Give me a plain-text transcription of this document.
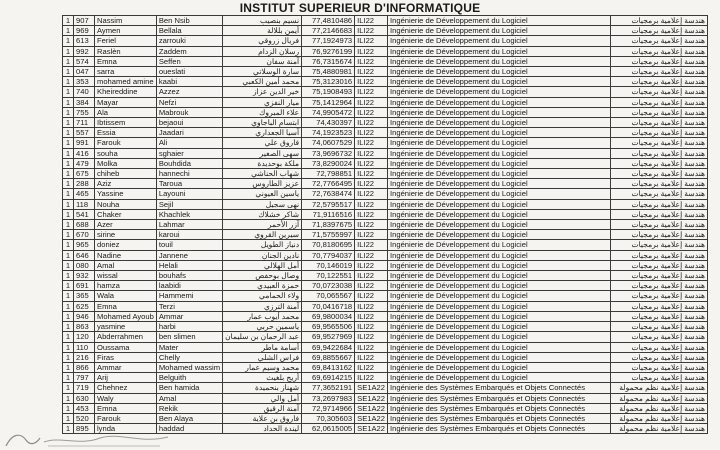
INSTITUT SUPERIEUR D'INFORMATIQUE
1	907	Nassim	Ben Nsib	نسيم بنصيب	77,4810486	ILI22	Ingénierie de Développement du Logiciel	هندسة إعلامية برمجيات
1	969	Aymen	Bellala	أيمن بللالة	77,2146683	ILI22	Ingénierie de Développement du Logiciel	هندسة إعلامية برمجيات
1	613	Feriel	zarrouki	فريال زروقي	77,1924973	ILI22	Ingénierie de Développement du Logiciel	هندسة إعلامية برمجيات
1	992	Raslèn	Zaddem	رسلان الزدام	76,9276199	ILI22	Ingénierie de Développement du Logiciel	هندسة إعلامية برمجيات
1	574	Emna	Seffen	آمنة سفان	76,7315674	ILI22	Ingénierie de Développement du Logiciel	هندسة إعلامية برمجيات
1	047	sarra	oueslati	سارة الوسلاتي	75,4880981	ILI22	Ingénierie de Développement du Logiciel	هندسة إعلامية برمجيات
1	353	mohamed amine	kaabi	محمد أمين الكعبي	75,3123016	ILI22	Ingénierie de Développement du Logiciel	هندسة إعلامية برمجيات
1	740	Kheireddine	Azzez	خير الدين عزاز	75,1908493	ILI22	Ingénierie de Développement du Logiciel	هندسة إعلامية برمجيات
1	384	Mayar	Nefzi	ميار النفزي	75,1412964	ILI22	Ingénierie de Développement du Logiciel	هندسة إعلامية برمجيات
1	755	Ala	Mabrouk	علاء المبروك	74,9905472	ILI22	Ingénierie de Développement du Logiciel	هندسة إعلامية برمجيات
1	711	Ibtissem	bejaoui	ابتسام الباجاوي	74,430397	ILI22	Ingénierie de Développement du Logiciel	هندسة إعلامية برمجيات
1	557	Essia	Jaadari	آسيا الجعداري	74,1923523	ILI22	Ingénierie de Développement du Logiciel	هندسة إعلامية برمجيات
1	991	Farouk	Ali	فاروق علي	74,0607529	ILI22	Ingénierie de Développement du Logiciel	هندسة إعلامية برمجيات
1	416	souha	sghaier	سهى الصغير	73,9696732	ILI22	Ingénierie de Développement du Logiciel	هندسة إعلامية برمجيات
1	479	Molka	Bouhdida	ملكة بوحديدة	73,8290024	ILI22	Ingénierie de Développement du Logiciel	هندسة إعلامية برمجيات
1	675	chiheb	hannechi	شهاب الحناشي	72,798851	ILI22	Ingénierie de Développement du Logiciel	هندسة إعلامية برمجيات
1	288	Aziz	Taroua	عزيز الطاروس	72,7766495	ILI22	Ingénierie de Développement du Logiciel	هندسة إعلامية برمجيات
1	465	Yassine	Layouni	ياسين العيوني	72,7638474	ILI22	Ingénierie de Développement du Logiciel	هندسة إعلامية برمجيات
1	118	Nouha	Sejil	نهى سجيل	72,5795517	ILI22	Ingénierie de Développement du Logiciel	هندسة إعلامية برمجيات
1	541	Chaker	Khachlek	شاكر خشلاك	71,9116516	ILI22	Ingénierie de Développement du Logiciel	هندسة إعلامية برمجيات
1	688	Azer	Lahmar	آزر الأحمر	71,8397675	ILI22	Ingénierie de Développement du Logiciel	هندسة إعلامية برمجيات
1	670	sirine	karoui	سيرين القروي	71,5755997	ILI22	Ingénierie de Développement du Logiciel	هندسة إعلامية برمجيات
1	965	doniez	touil	دنياز الطويل	70,8180695	ILI22	Ingénierie de Développement du Logiciel	هندسة إعلامية برمجيات
1	646	Nadine	Jannene	نادين الجنان	70,7794037	ILI22	Ingénierie de Développement du Logiciel	هندسة إعلامية برمجيات
1	080	Amal	Helali	أمل الهلالي	70,146019	ILI22	Ingénierie de Développement du Logiciel	هندسة إعلامية برمجيات
1	932	wissal	bouhafs	وصال بوحفص	70,122551	ILI22	Ingénierie de Développement du Logiciel	هندسة إعلامية برمجيات
1	691	hamza	laabidi	حمزة العبيدي	70,0723038	ILI22	Ingénierie de Développement du Logiciel	هندسة إعلامية برمجيات
1	365	Wala	Hammemi	ولاء الحمامي	70,065567	ILI22	Ingénierie de Développement du Logiciel	هندسة إعلامية برمجيات
1	625	Emna	Terzi	آمنة الترزي	70,0416718	ILI22	Ingénierie de Développement du Logiciel	هندسة إعلامية برمجيات
1	946	Mohamed Ayoub	Ammar	محمد أيوب عمار	69,9800034	ILI22	Ingénierie de Développement du Logiciel	هندسة إعلامية برمجيات
1	863	yasmine	harbi	ياسمين حربي	69,9565506	ILI22	Ingénierie de Développement du Logiciel	هندسة إعلامية برمجيات
1	120	Abderrahmen	ben slimen	عبد الرحمان بن سليمان	69,9527969	ILI22	Ingénierie de Développement du Logiciel	هندسة إعلامية برمجيات
1	110	Oussama	Mater	أسامة ماطر	69,9422684	ILI22	Ingénierie de Développement du Logiciel	هندسة إعلامية برمجيات
1	216	Firas	Chelly	فراس الشلي	69,8855667	ILI22	Ingénierie de Développement du Logiciel	هندسة إعلامية برمجيات
1	866	Ammar	Mohamed wassim	محمد وسيم عمار	69,8413162	ILI22	Ingénierie de Développement du Logiciel	هندسة إعلامية برمجيات
1	797	Arij	Belguith	أريج بلغيث	69,6914215	ILI22	Ingénierie de Développement du Logiciel	هندسة إعلامية برمجيات
1	719	Chehnez	Ben hamida	شهناز بنحميدة	77,3652191	SE1A22	Ingénierie des Systèmes Embarqués et Objets Connectés	هندسة إعلامية نظم محمولة
1	630	Waly	Amal	أمل والي	73,2697983	SE1A22	Ingénierie des Systèmes Embarqués et Objets Connectés	هندسة إعلامية نظم محمولة
1	453	Emna	Rekik	آمنة الرقيق	72,9714966	SE1A22	Ingénierie des Systèmes Embarqués et Objets Connectés	هندسة إعلامية نظم محمولة
1	520	Farouk	Ben Alaya	فاروق بن علاية	70,305603	SE1A22	Ingénierie des Systèmes Embarqués et Objets Connectés	هندسة إعلامية نظم محمولة
1	895	lynda	haddad	ليندة الحداد	62,0615005	SE1A22	Ingénierie des Systèmes Embarqués et Objets Connectés	هندسة إعلامية نظم محمولة
